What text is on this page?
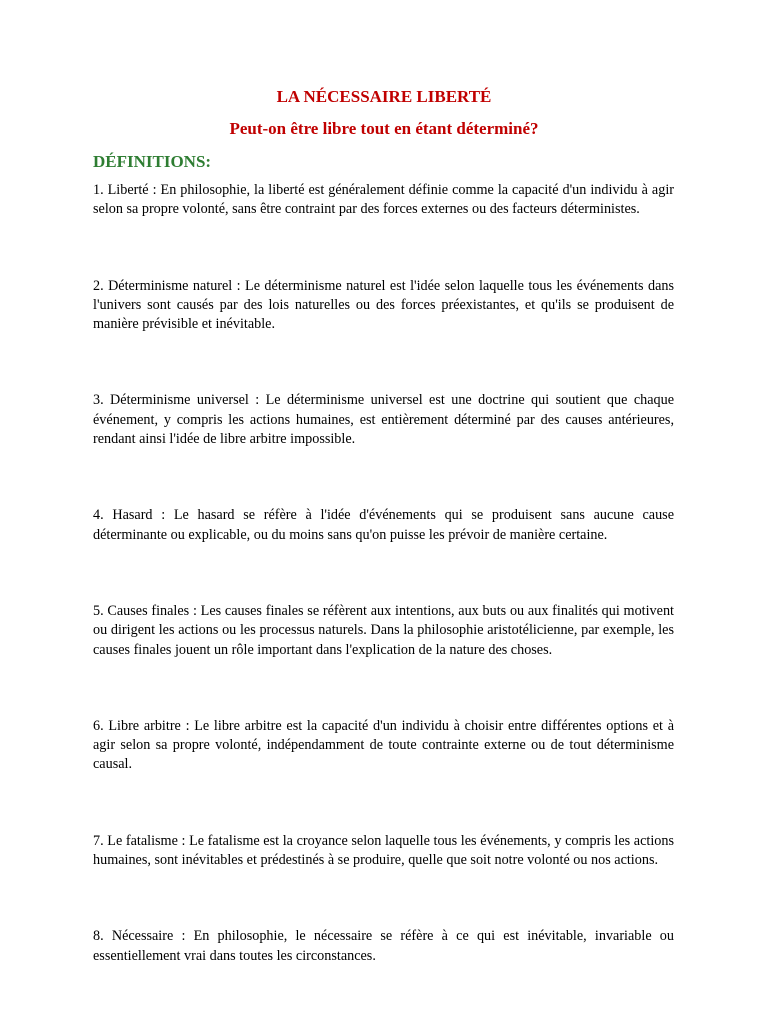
LA NÉCESSAIRE LIBERTÉ
Peut-on être libre tout en étant déterminé?
DÉFINITIONS:

1. Liberté : En philosophie, la liberté est généralement définie comme la capacité d'un individu à agir selon sa propre volonté, sans être contraint par des forces externes ou des facteurs déterministes.

2. Déterminisme naturel : Le déterminisme naturel est l'idée selon laquelle tous les événements dans l'univers sont causés par des lois naturelles ou des forces préexistantes, et qu'ils se produisent de manière prévisible et inévitable.

3. Déterminisme universel : Le déterminisme universel est une doctrine qui soutient que chaque événement, y compris les actions humaines, est entièrement déterminé par des causes antérieures, rendant ainsi l'idée de libre arbitre impossible.

4. Hasard : Le hasard se réfère à l'idée d'événements qui se produisent sans aucune cause déterminante ou explicable, ou du moins sans qu'on puisse les prévoir de manière certaine.

5. Causes finales : Les causes finales se réfèrent aux intentions, aux buts ou aux finalités qui motivent ou dirigent les actions ou les processus naturels. Dans la philosophie aristotélicienne, par exemple, les causes finales jouent un rôle important dans l'explication de la nature des choses.

6. Libre arbitre : Le libre arbitre est la capacité d'un individu à choisir entre différentes options et à agir selon sa propre volonté, indépendamment de toute contrainte externe ou de tout déterminisme causal.

7. Le fatalisme : Le fatalisme est la croyance selon laquelle tous les événements, y compris les actions humaines, sont inévitables et prédestinés à se produire, quelle que soit notre volonté ou nos actions.

8. Nécessaire : En philosophie, le nécessaire se réfère à ce qui est inévitable, invariable ou essentiellement vrai dans toutes les circonstances.
